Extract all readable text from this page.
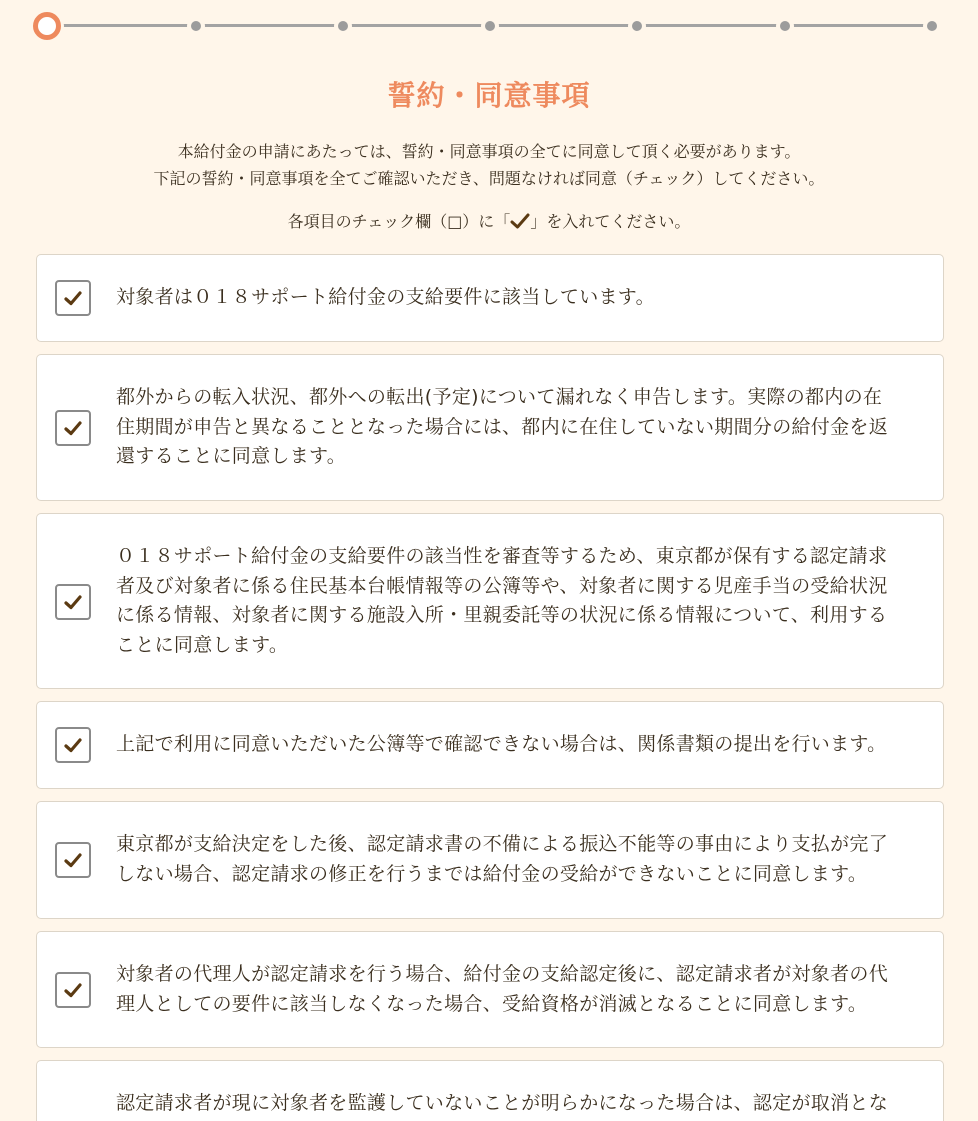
誓約・同意事項

本給付金の申請にあたっては、誓約・同意事項の全てに同意して頂く必要があります。

下記の誓約・同意事項を全てご確認いただき、問題なければ同意（チェック）してください。

各項目のチェック欄（□）に「 」を入れてください。
対象者は０１８サポート給付金の支給要件に該当しています。
都外からの転入状況、都外への転出(予定)について漏れなく申告します。実際の都内の在住期間が申告と異なることとなった場合には、都内に在住していない期間分の給付金を返還することに同意します。
０１８サポート給付金の支給要件の該当性を審査等するため、東京都が保有する認定請求者及び対象者に係る住民基本台帳情報等の公簿等や、対象者に関する児産手当の受給状況に係る情報、対象者に関する施設入所・里親委託等の状況に係る情報について、利用することに同意します。
上記で利用に同意いただいた公簿等で確認できない場合は、関係書類の提出を行います。
東京都が支給決定をした後、認定請求書の不備による振込不能等の事由により支払が完了しない場合、認定請求の修正を行うまでは給付金の受給ができないことに同意します。
対象者の代理人が認定請求を行う場合、給付金の支給認定後に、認定請求者が対象者の代理人としての要件に該当しなくなった場合、受給資格が消滅となることに同意します。
認定請求者が現に対象者を監護していないことが明らかになった場合は、認定が取消とな
